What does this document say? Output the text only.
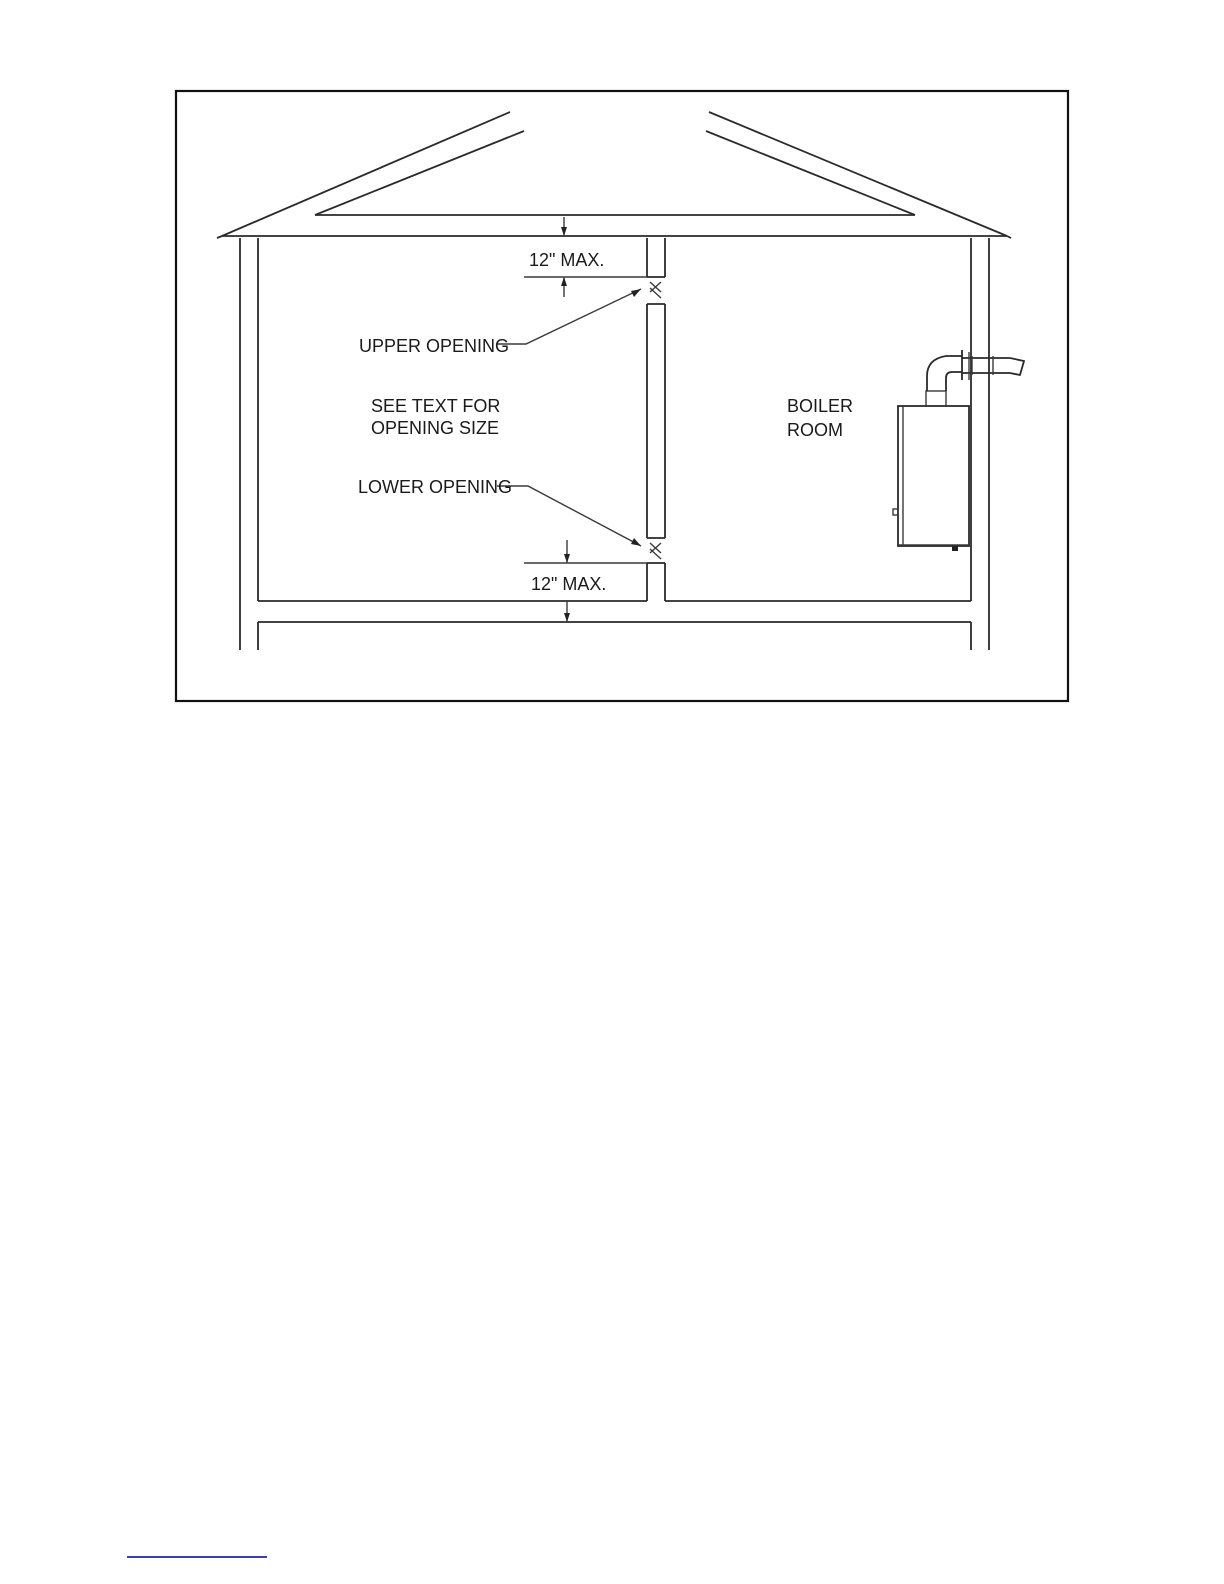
12" MAX.
UPPER OPENING
SEE TEXT FOR
OPENING SIZE
LOWER OPENING
12" MAX.
BOILER
ROOM
